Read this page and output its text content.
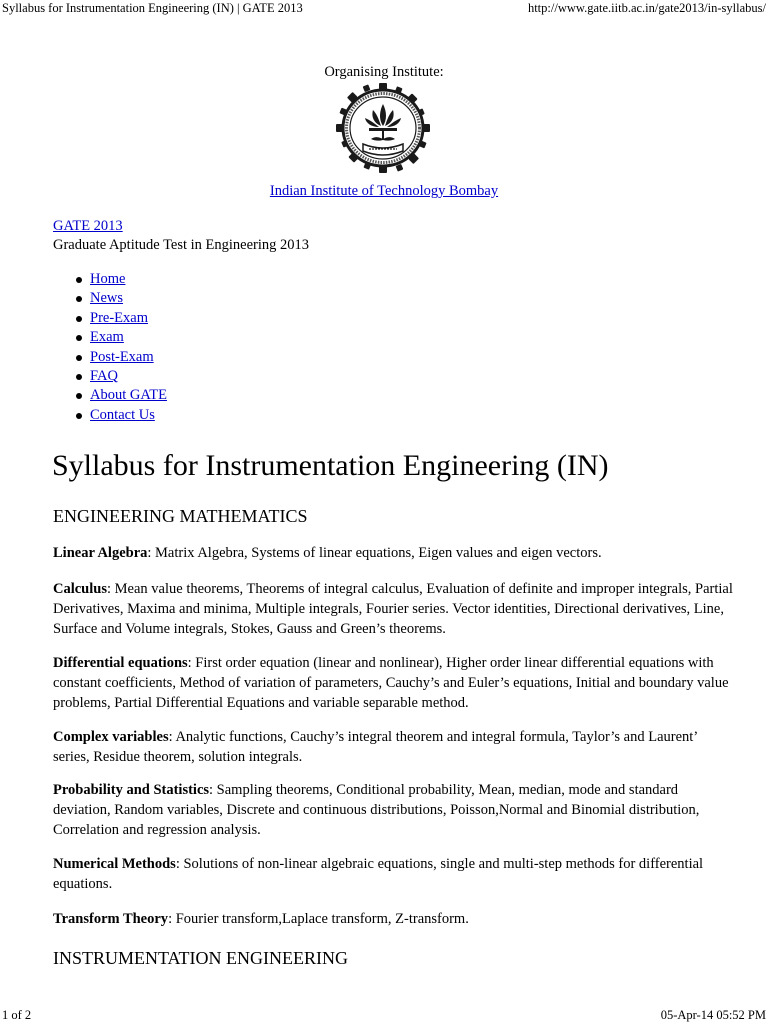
Syllabus for Instrumentation Engineering (IN) | GATE 2013	http://www.gate.iitb.ac.in/gate2013/in-syllabus/
Organising Institute:
Indian Institute of Technology Bombay
GATE 2013
Graduate Aptitude Test in Engineering 2013
Home
News
Pre-Exam
Exam
Post-Exam
FAQ
About GATE
Contact Us
Syllabus for Instrumentation Engineering (IN)
ENGINEERING MATHEMATICS

Linear Algebra: Matrix Algebra, Systems of linear equations, Eigen values and eigen vectors.

Calculus: Mean value theorems, Theorems of integral calculus, Evaluation of definite and improper integrals, Partial Derivatives, Maxima and minima, Multiple integrals, Fourier series. Vector identities, Directional derivatives, Line, Surface and Volume integrals, Stokes, Gauss and Green’s theorems.

Differential equations: First order equation (linear and nonlinear), Higher order linear differential equations with constant coefficients, Method of variation of parameters, Cauchy’s and Euler’s equations, Initial and boundary value problems, Partial Differential Equations and variable separable method.

Complex variables: Analytic functions, Cauchy’s integral theorem and integral formula, Taylor’s and Laurent’ series, Residue theorem, solution integrals.

Probability and Statistics: Sampling theorems, Conditional probability, Mean, median, mode and standard deviation, Random variables, Discrete and continuous distributions, Poisson,Normal and Binomial distribution, Correlation and regression analysis.

Numerical Methods: Solutions of non-linear algebraic equations, single and multi-step methods for differential equations.

Transform Theory: Fourier transform,Laplace transform, Z-transform.

INSTRUMENTATION ENGINEERING
1 of 2	05-Apr-14 05:52 PM
